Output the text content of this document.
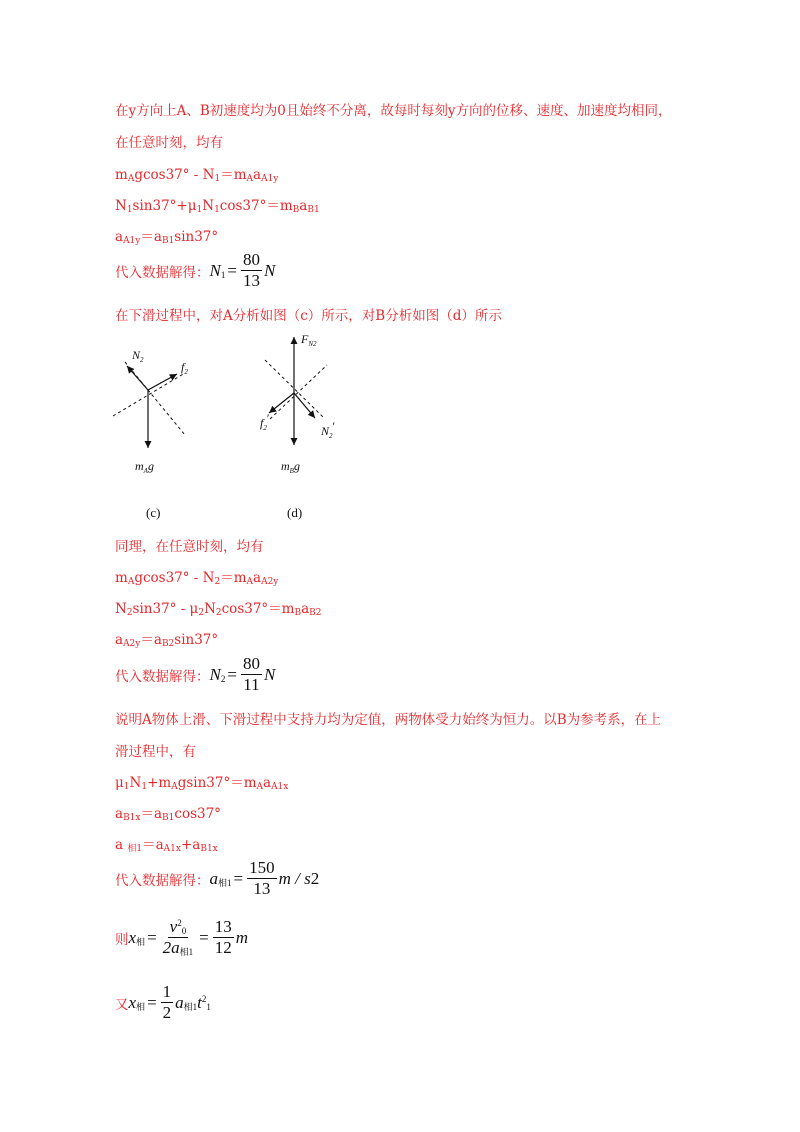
在y方向上A、B初速度均为0且始终不分离，故每时每刻y方向的位移、速度、加速度均相同，
在任意时刻，均有
$m_Agcos37^\circ - N_1=m_Aa_{A1y}$
$N_1\sin 37^\circ+\mu_1N_1\cos 37^\circ=m_Ba_{B1}$
$a_{A1y}=a_{B1}\sin 37^\circ$
代入数据解得： $N_1 = \frac{80}{13}$ N
在下滑过程中，对A分析如图（c）所示，对B分析如图（d）所示
$N_2$	$f_2$
$m_Ag$
(c)
$F_{N2}$
$f_2'$
$N_2'$
$m_Bg$
(d)
同理，在任意时刻，均有
$m_Agcos37^\circ - N_2=m_Aa_{A2y}$
$N_2\sin 37^\circ - \mu_2N_2\cos 37^\circ=m_Ba_{B2}$
$a_{A2y}=a_{B2}\sin 37^\circ$
代入数据解得： $N_2 = \frac{80}{11}$ N
说明A物体上滑、下滑过程中支持力均为定值，两物体受力始终为恒力。以B为参考系，在上
滑过程中，有
$\mu_1N_1+m_Agsin37^\circ=m_Aa_{A1x}$
$a_{B1x}=a_{B1}\cos 37^\circ$
a $_{相1}=a_{A1x}+a_{B1x}$
代入数据解得： $a_{相1} = \frac{150}{13}$ m / s 2
则 $x_相 = \frac{v^2_0}{2a_{相1}} = \frac{13}{12}$ m
又 $x_相 = \frac{1}{2} a_{相1}t^2_1$
